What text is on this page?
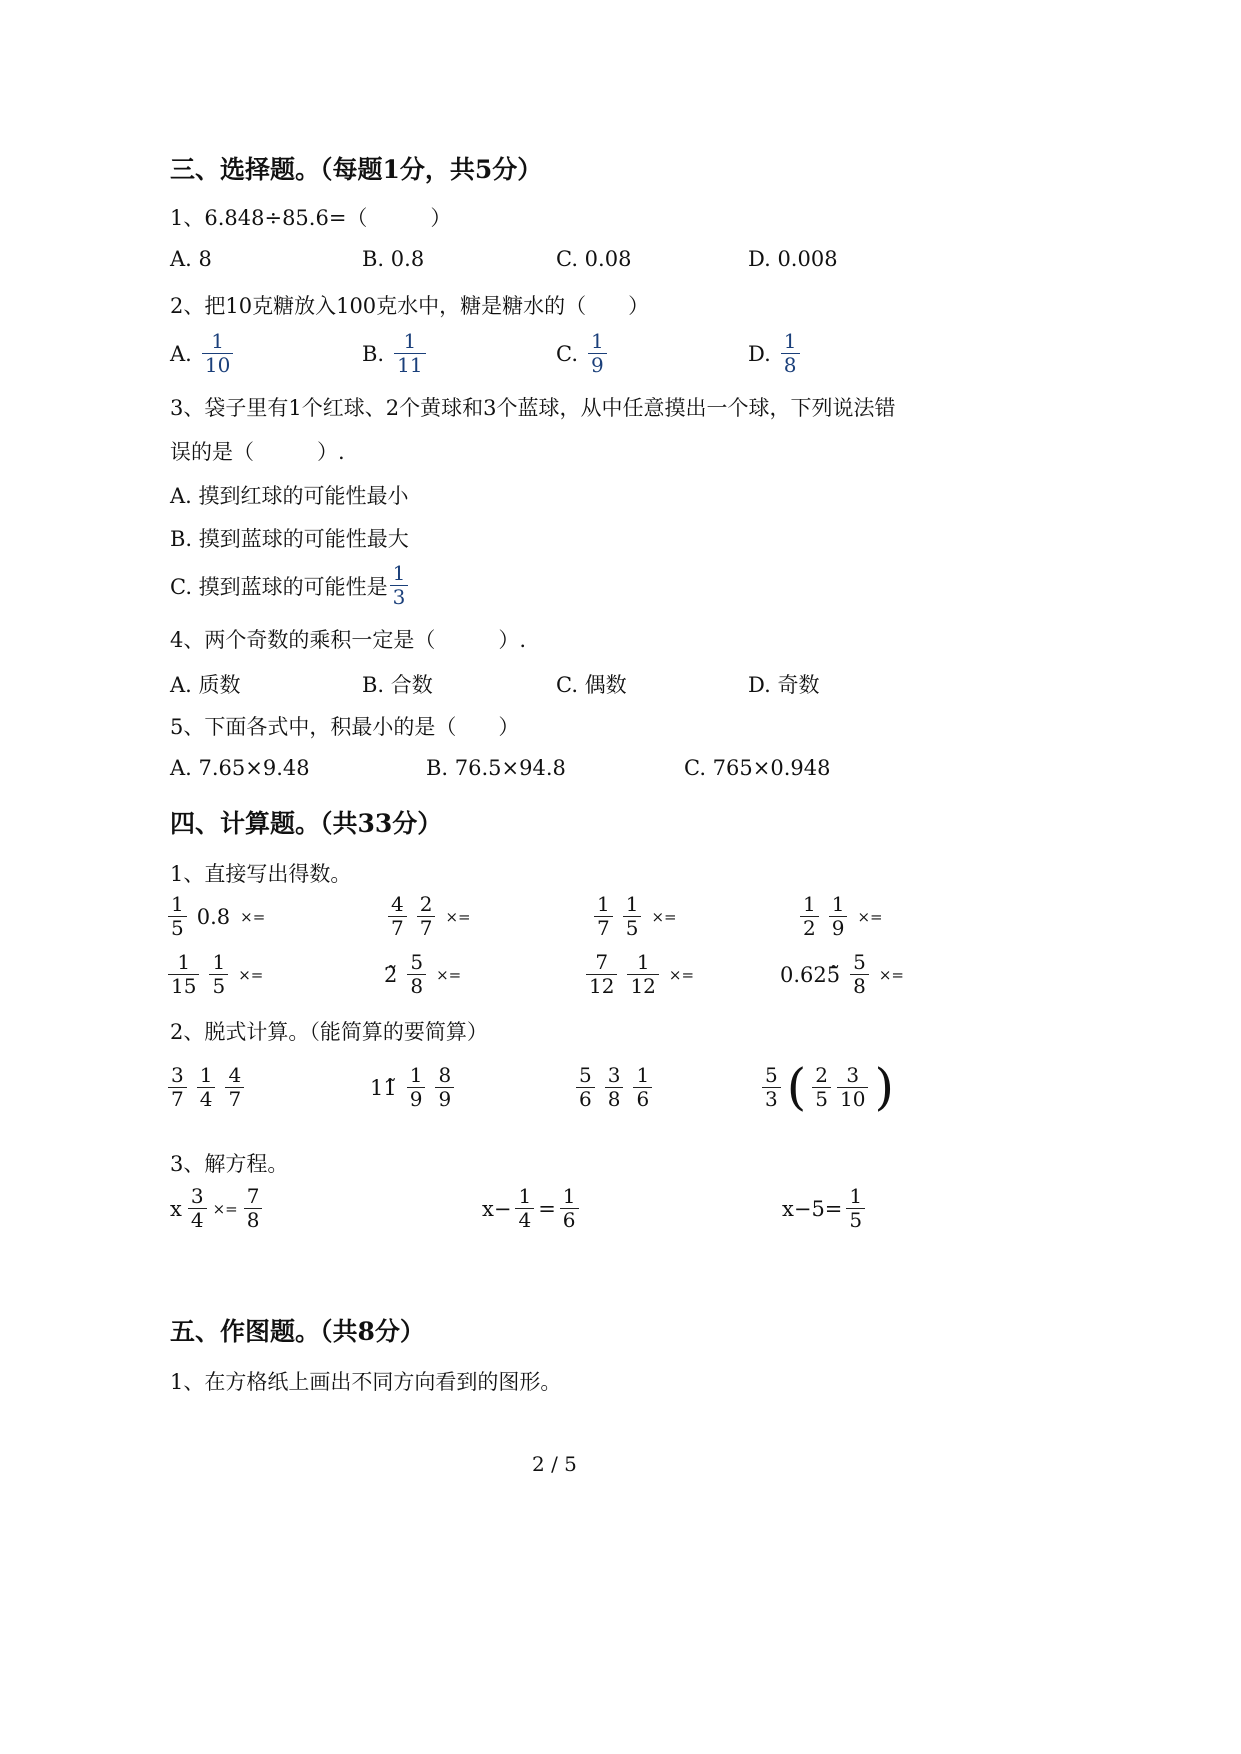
三、选择题。（每题1分，共5分）
1、6.848÷85.6=（　　　）
A. 8	B. 0.8	C. 0.08	D. 0.008
2、把10克糖放入100克水中，糖是糖水的（　　）
A. $\frac{1}{10}$	B. $\frac{1}{11}$	C. $\frac{1}{9}$	D. $\frac{1}{8}$
3、袋子里有1个红球、2个黄球和3个蓝球，从中任意摸出一个球，下列说法错
误的是（　　　）.
A. 摸到红球的可能性最小
B. 摸到蓝球的可能性最大
C. 摸到蓝球的可能性是 $\frac{1}{3}$
4、两个奇数的乘积一定是（　　　）.
A. 质数	B. 合数	C. 偶数	D. 奇数
5、下面各式中，积最小的是（　　）
A. 7.65×9.48	B. 76.5×94.8	C. 765×0.948
四、计算题。（共33分）
1、直接写出得数。
$\frac{1}{5} 0.8$ ×=	$\frac{4}{7} \frac{2}{7}$ ×=	$\frac{1}{7} \frac{1}{5}$ ×=	$\frac{1}{2} \frac{1}{9}$ ×=
$\frac{1}{15} \frac{1}{5}$ ×=	2̃ $\frac{5}{8}$ ×=	$\frac{7}{12} \frac{1}{12}$ ×=	0.625̃ $\frac{5}{8}$ ×=
2、脱式计算。（能简算的要简算）
$\frac{3}{7} \frac{1}{4} \frac{4}{7}$	11̃ $\frac{1}{9} \frac{8}{9}$	$\frac{5}{6} \frac{3}{8} \frac{1}{6}$	$\frac{5}{3}$ ( $\frac{2}{5} \frac{3}{10}$ )
3、解方程。
x $\frac{3}{4} \times= \frac{7}{8}$	$x- \frac{1}{4} = \frac{1}{6}$	$x-5= \frac{1}{5}$
五、作图题。（共8分）
1、在方格纸上画出不同方向看到的图形。
2 / 5
